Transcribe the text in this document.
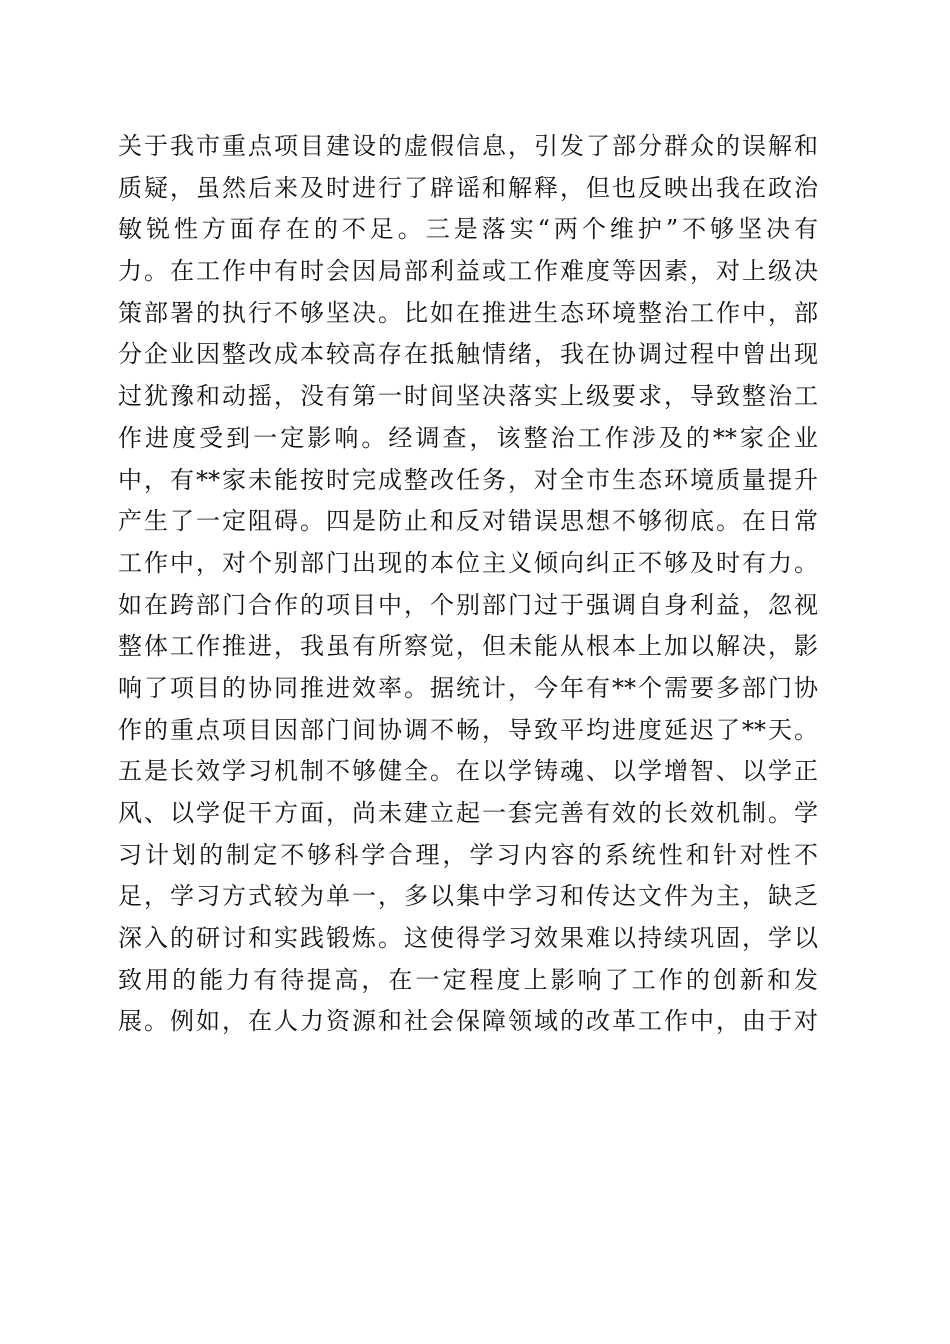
关于我市重点项目建设的虚假信息，引发了部分群众的误解和
质疑，虽然后来及时进行了辟谣和解释，但也反映出我在政治
敏锐性方面存在的不足。三是落实“两个维护”不够坚决有
力。在工作中有时会因局部利益或工作难度等因素，对上级决
策部署的执行不够坚决。比如在推进生态环境整治工作中，部
分企业因整改成本较高存在抵触情绪，我在协调过程中曾出现
过犹豫和动摇，没有第一时间坚决落实上级要求，导致整治工
作进度受到一定影响。经调查，该整治工作涉及的**家企业
中，有**家未能按时完成整改任务，对全市生态环境质量提升
产生了一定阻碍。四是防止和反对错误思想不够彻底。在日常
工作中，对个别部门出现的本位主义倾向纠正不够及时有力。
如在跨部门合作的项目中，个别部门过于强调自身利益，忽视
整体工作推进，我虽有所察觉，但未能从根本上加以解决，影
响了项目的协同推进效率。据统计，今年有**个需要多部门协
作的重点项目因部门间协调不畅，导致平均进度延迟了**天。
五是长效学习机制不够健全。在以学铸魂、以学增智、以学正
风、以学促干方面，尚未建立起一套完善有效的长效机制。学
习计划的制定不够科学合理，学习内容的系统性和针对性不
足，学习方式较为单一，多以集中学习和传达文件为主，缺乏
深入的研讨和实践锻炼。这使得学习效果难以持续巩固，学以
致用的能力有待提高，在一定程度上影响了工作的创新和发
展。例如，在人力资源和社会保障领域的改革工作中，由于对
